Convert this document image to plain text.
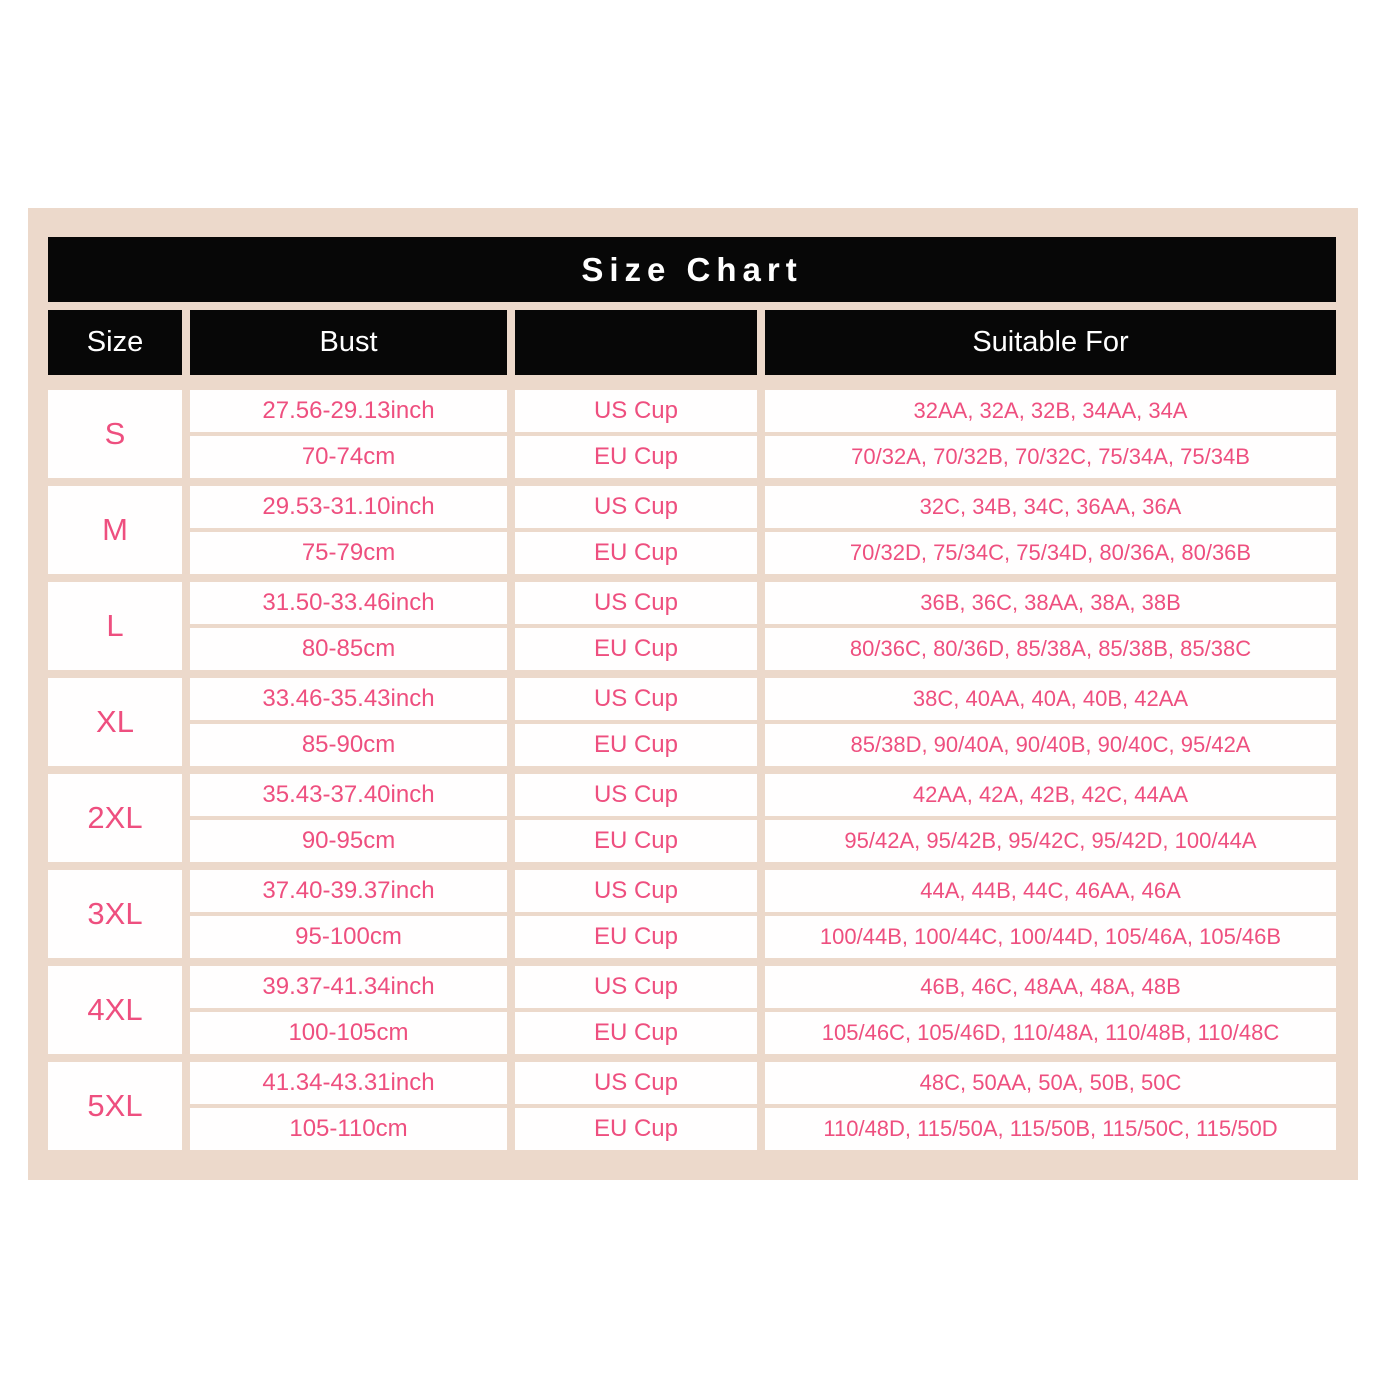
Size Chart
Size	Bust	Suitable For
S
27.56-29.13inch	US Cup	32AA, 32A, 32B, 34AA, 34A
70-74cm	EU Cup	70/32A, 70/32B, 70/32C, 75/34A, 75/34B
M
29.53-31.10inch	US Cup	32C, 34B, 34C, 36AA, 36A
75-79cm	EU Cup	70/32D, 75/34C, 75/34D, 80/36A, 80/36B
L
31.50-33.46inch	US Cup	36B, 36C, 38AA, 38A, 38B
80-85cm	EU Cup	80/36C, 80/36D, 85/38A, 85/38B, 85/38C
XL
33.46-35.43inch	US Cup	38C, 40AA, 40A, 40B, 42AA
85-90cm	EU Cup	85/38D, 90/40A, 90/40B, 90/40C, 95/42A
2XL
35.43-37.40inch	US Cup	42AA, 42A, 42B, 42C, 44AA
90-95cm	EU Cup	95/42A, 95/42B, 95/42C, 95/42D, 100/44A
3XL
37.40-39.37inch	US Cup	44A, 44B, 44C, 46AA, 46A
95-100cm	EU Cup	100/44B, 100/44C, 100/44D, 105/46A, 105/46B
4XL
39.37-41.34inch	US Cup	46B, 46C, 48AA, 48A, 48B
100-105cm	EU Cup	105/46C, 105/46D, 110/48A, 110/48B, 110/48C
5XL
41.34-43.31inch	US Cup	48C, 50AA, 50A, 50B, 50C
105-110cm	EU Cup	110/48D, 115/50A, 115/50B, 115/50C, 115/50D
